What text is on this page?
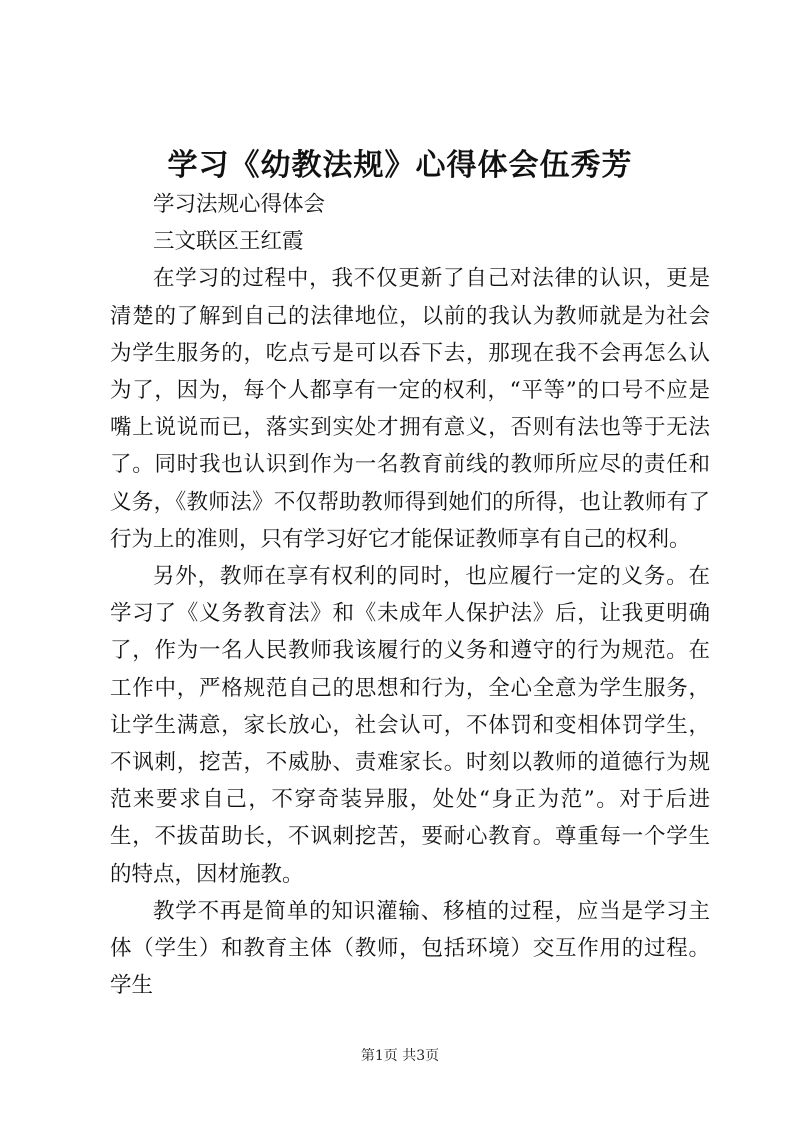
学习《幼教法规》心得体会伍秀芳

学习法规心得体会

三文联区王红霞

在学习的过程中，我不仅更新了自己对法律的认识，更是清楚的了解到自己的法律地位，以前的我认为教师就是为社会为学生服务的，吃点亏是可以吞下去，那现在我不会再怎么认为了，因为，每个人都享有一定的权利，“平等”的口号不应是嘴上说说而已，落实到实处才拥有意义，否则有法也等于无法了。同时我也认识到作为一名教育前线的教师所应尽的责任和义务，《教师法》不仅帮助教师得到她们的所得，也让教师有了行为上的准则，只有学习好它才能保证教师享有自己的权利。

另外，教师在享有权利的同时，也应履行一定的义务。在学习了《义务教育法》和《未成年人保护法》后，让我更明确了，作为一名人民教师我该履行的义务和遵守的行为规范。在工作中，严格规范自己的思想和行为，全心全意为学生服务，让学生满意，家长放心，社会认可，不体罚和变相体罚学生，不讽刺，挖苦，不威胁、责难家长。时刻以教师的道德行为规范来要求自己，不穿奇装异服，处处“身正为范”。对于后进生，不拔苗助长，不讽刺挖苦，要耐心教育。尊重每一个学生的特点，因材施教。

教学不再是简单的知识灌输、移植的过程，应当是学习主体（学生）和教育主体（教师，包括环境）交互作用的过程。学生

第1页 共3页
